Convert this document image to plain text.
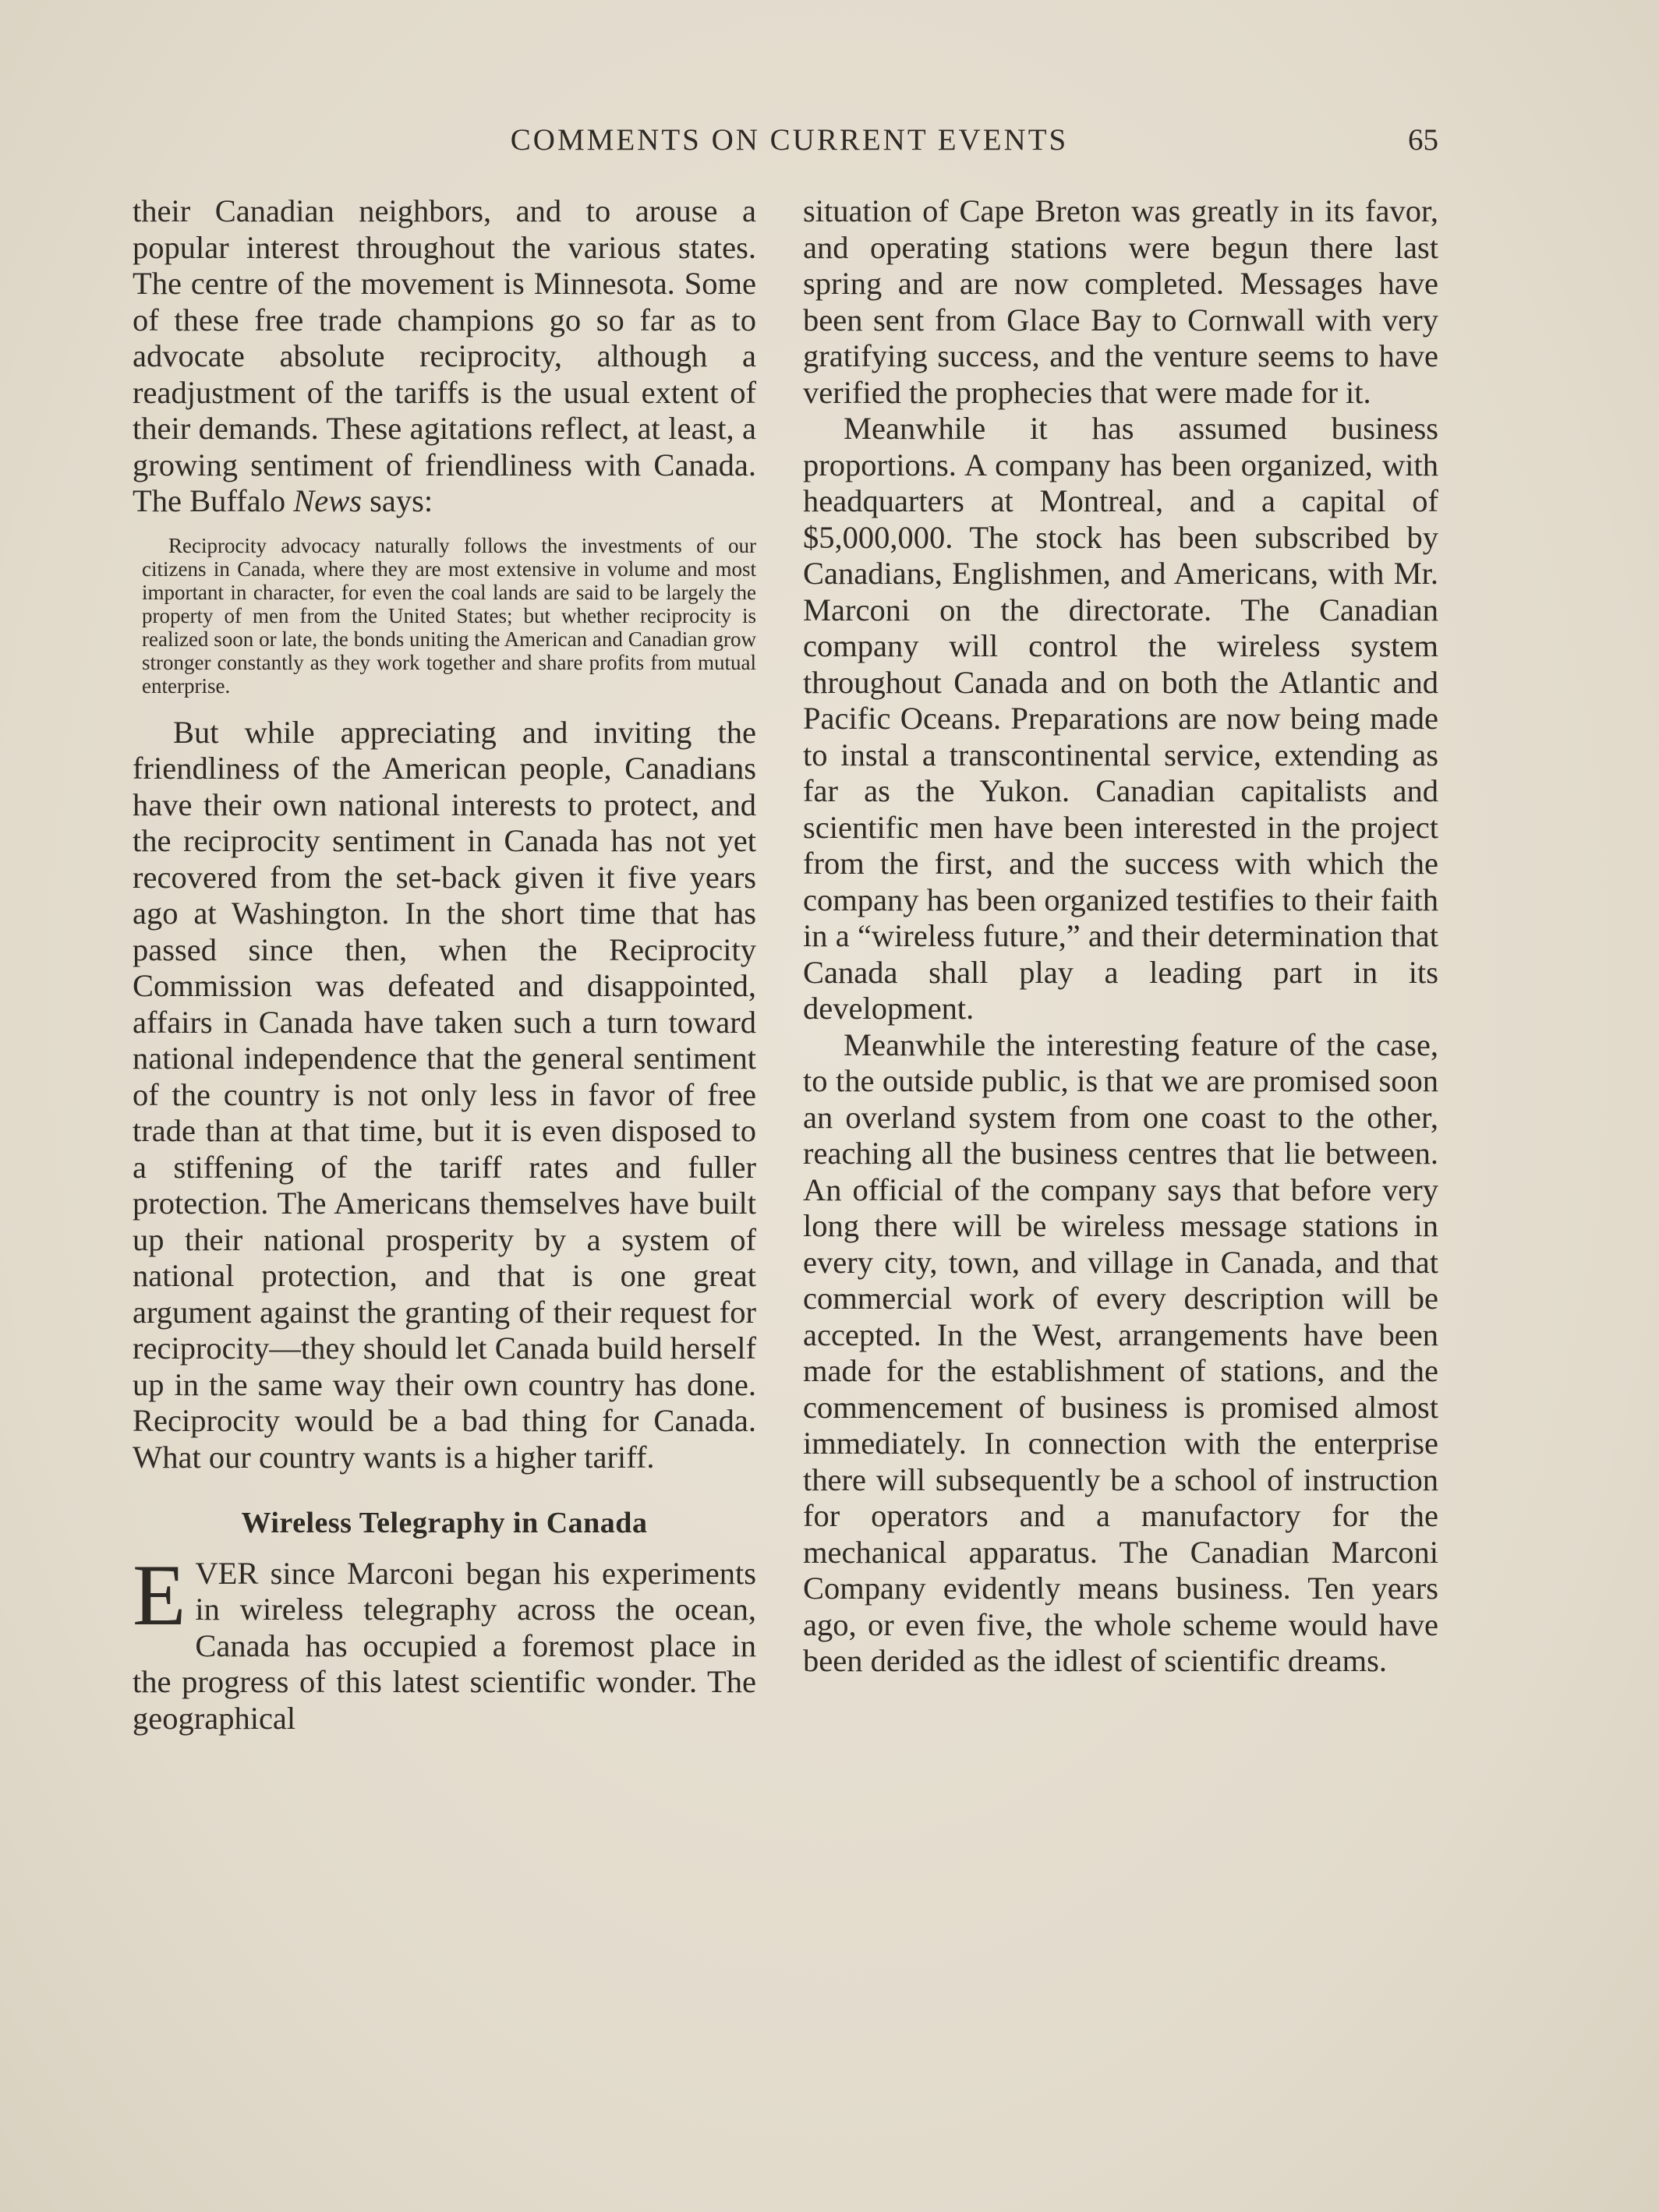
COMMENTS ON CURRENT EVENTS	65

their Canadian neighbors, and to arouse a popular interest throughout the various states. The centre of the movement is Minnesota. Some of these free trade champions go so far as to advocate absolute reciprocity, although a readjustment of the tariffs is the usual extent of their demands. These agitations reflect, at least, a growing sentiment of friendliness with Canada. The Buffalo News says:

Reciprocity advocacy naturally follows the investments of our citizens in Canada, where they are most extensive in volume and most important in character, for even the coal lands are said to be largely the property of men from the United States; but whether reciprocity is realized soon or late, the bonds uniting the American and Canadian grow stronger constantly as they work together and share profits from mutual enterprise.

But while appreciating and inviting the friendliness of the American people, Canadians have their own national interests to protect, and the reciprocity sentiment in Canada has not yet recovered from the set-back given it five years ago at Washington. In the short time that has passed since then, when the Reciprocity Commission was defeated and disappointed, affairs in Canada have taken such a turn toward national independence that the general sentiment of the country is not only less in favor of free trade than at that time, but it is even disposed to a stiffening of the tariff rates and fuller protection. The Americans themselves have built up their national prosperity by a system of national protection, and that is one great argument against the granting of their request for reciprocity—they should let Canada build herself up in the same way their own country has done. Reciprocity would be a bad thing for Canada. What our country wants is a higher tariff.

Wireless Telegraphy in Canada

EVER since Marconi began his experiments in wireless telegraphy across the ocean, Canada has occupied a foremost place in the progress of this latest scientific wonder. The geographical

situation of Cape Breton was greatly in its favor, and operating stations were begun there last spring and are now completed. Messages have been sent from Glace Bay to Cornwall with very gratifying success, and the venture seems to have verified the prophecies that were made for it.

Meanwhile it has assumed business proportions. A company has been organized, with headquarters at Montreal, and a capital of $5,000,000. The stock has been subscribed by Canadians, Englishmen, and Americans, with Mr. Marconi on the directorate. The Canadian company will control the wireless system throughout Canada and on both the Atlantic and Pacific Oceans. Preparations are now being made to instal a transcontinental service, extending as far as the Yukon. Canadian capitalists and scientific men have been interested in the project from the first, and the success with which the company has been organized testifies to their faith in a “wireless future,” and their determination that Canada shall play a leading part in its development.

Meanwhile the interesting feature of the case, to the outside public, is that we are promised soon an overland system from one coast to the other, reaching all the business centres that lie between. An official of the company says that before very long there will be wireless message stations in every city, town, and village in Canada, and that commercial work of every description will be accepted. In the West, arrangements have been made for the establishment of stations, and the commencement of business is promised almost immediately. In connection with the enterprise there will subsequently be a school of instruction for operators and a manufactory for the mechanical apparatus. The Canadian Marconi Company evidently means business. Ten years ago, or even five, the whole scheme would have been derided as the idlest of scientific dreams.
